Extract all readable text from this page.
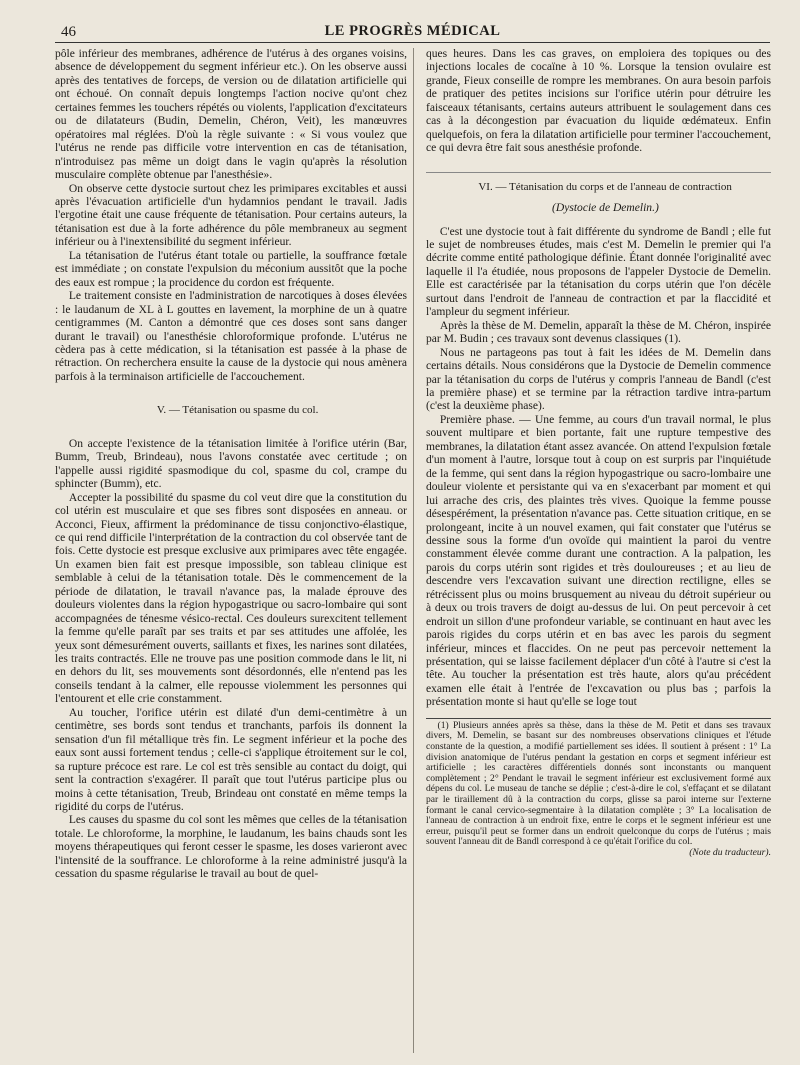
46	LE PROGRÈS MÉDICAL

pôle inférieur des membranes, adhérence de l'utérus à des organes voisins, absence de développement du segment inférieur etc.). On les observe aussi après des tentatives de forceps, de version ou de dilatation artificielle qui ont échoué. On connaît depuis longtemps l'action nocive qu'ont chez certaines femmes les touchers répétés ou violents, l'application d'excitateurs ou de dilatateurs (Budin, Demelin, Chéron, Veit), les manœuvres opératoires mal réglées. D'où la règle suivante : « Si vous voulez que l'utérus ne rende pas difficile votre intervention en cas de tétanisation, n'introduisez pas même un doigt dans le vagin qu'après la résolution musculaire complète obtenue par l'anesthésie».

On observe cette dystocie surtout chez les primipares excitables et aussi après l'évacuation artificielle d'un hydamnios pendant le travail. Jadis l'ergotine était une cause fréquente de tétanisation. Pour certains auteurs, la tétanisation est due à la forte adhérence du pôle membraneux au segment inférieur ou à l'inextensibilité du segment inférieur.

La tétanisation de l'utérus étant totale ou partielle, la souffrance fœtale est immédiate ; on constate l'expulsion du méconium aussitôt que la poche des eaux est rompue ; la procidence du cordon est fréquente.

Le traitement consiste en l'administration de narcotiques à doses élevées : le laudanum de XL à L gouttes en lavement, la morphine de un à quatre centigrammes (M. Canton a démontré que ces doses sont sans danger durant le travail) ou l'anesthésie chloroformique profonde. L'utérus ne cèdera pas à cette médication, si la tétanisation est passée à la phase de rétraction. On recherchera ensuite la cause de la dystocie qui nous amènera parfois à la terminaison artificielle de l'accouchement.

V. — Tétanisation ou spasme du col.

On accepte l'existence de la tétanisation limitée à l'orifice utérin (Bar, Bumm, Treub, Brindeau), nous l'avons constatée avec certitude ; on l'appelle aussi rigidité spasmodique du col, spasme du col, crampe du sphincter (Bumm), etc.

Accepter la possibilité du spasme du col veut dire que la constitution du col utérin est musculaire et que ses fibres sont disposées en anneau. or Acconci, Fieux, affirment la prédominance de tissu conjonctivo-élastique, ce qui rend difficile l'interprétation de la contraction du col observée tant de fois. Cette dystocie est presque exclusive aux primipares avec tête engagée. Un examen bien fait est presque impossible, son tableau clinique est semblable à celui de la tétanisation totale. Dès le commencement de la période de dilatation, le travail n'avance pas, la malade éprouve des douleurs violentes dans la région hypogastrique ou sacro-lombaire qui sont accompagnées de ténesme vésico-rectal. Ces douleurs surexcitent tellement la femme qu'elle paraît par ses traits et par ses attitudes une affolée, les yeux sont démesurément ouverts, saillants et fixes, les narines sont dilatées, les traits contractés. Elle ne trouve pas une position commode dans le lit, ni en dehors du lit, ses mouvements sont désordonnés, elle n'entend pas les conseils tendant à la calmer, elle repousse violemment les personnes qui l'entourent et elle crie constamment.

Au toucher, l'orifice utérin est dilaté d'un demi-centimètre à un centimètre, ses bords sont tendus et tranchants, parfois ils donnent la sensation d'un fil métallique très fin. Le segment inférieur et la poche des eaux sont aussi fortement tendus ; celle-ci s'applique étroitement sur le col, sa rupture précoce est rare. Le col est très sensible au contact du doigt, qui sent la contraction s'exagérer. Il paraît que tout l'utérus participe plus ou moins à cette tétanisation, Treub, Brindeau ont constaté en même temps la rigidité du corps de l'utérus.

Les causes du spasme du col sont les mêmes que celles de la tétanisation totale. Le chloroforme, la morphine, le laudanum, les bains chauds sont les moyens thérapeutiques qui feront cesser le spasme, les doses varieront avec l'intensité de la souffrance. Le chloroforme à la reine administré jusqu'à la cessation du spasme régularise le travail au bout de quel-

ques heures. Dans les cas graves, on emploiera des topiques ou des injections locales de cocaïne à 10 %. Lorsque la tension ovulaire est grande, Fieux conseille de rompre les membranes. On aura besoin parfois de pratiquer des petites incisions sur l'orifice utérin pour détruire les faisceaux tétanisants, certains auteurs attribuent le soulagement dans ces cas à la décongestion par évacuation du liquide œdémateux. Enfin quelquefois, on fera la dilatation artificielle pour terminer l'accouchement, ce qui devra être fait sous anesthésie profonde.

VI. — Tétanisation du corps et de l'anneau de contraction

(Dystocie de Demelin.)

C'est une dystocie tout à fait différente du syndrome de Bandl ; elle fut le sujet de nombreuses études, mais c'est M. Demelin le premier qui l'a décrite comme entité pathologique définie. Étant donnée l'originalité avec laquelle il l'a étudiée, nous proposons de l'appeler Dystocie de Demelin. Elle est caractérisée par la tétanisation du corps utérin que l'on décèle surtout dans l'endroit de l'anneau de contraction et par la flaccidité et l'ampleur du segment inférieur.

Après la thèse de M. Demelin, apparaît la thèse de M. Chéron, inspirée par M. Budin ; ces travaux sont devenus classiques (1).

Nous ne partageons pas tout à fait les idées de M. Demelin dans certains détails. Nous considérons que la Dystocie de Demelin commence par la tétanisation du corps de l'utérus y compris l'anneau de Bandl (c'est la première phase) et se termine par la rétraction tardive intra-partum (c'est la deuxième phase).

Première phase. — Une femme, au cours d'un travail normal, le plus souvent multipare et bien portante, fait une rupture tempestive des membranes, la dilatation étant assez avancée. On attend l'expulsion fœtale d'un moment à l'autre, lorsque tout à coup on est surpris par l'inquiétude de la femme, qui sent dans la région hypogastrique ou sacro-lombaire une douleur violente et persistante qui va en s'exacerbant par moment et qui lui arrache des cris, des plaintes très vives. Quoique la femme pousse désespérément, la présentation n'avance pas. Cette situation critique, en se prolongeant, incite à un nouvel examen, qui fait constater que l'utérus se dessine sous la forme d'un ovoïde qui maintient la paroi du ventre constamment élevée comme durant une contraction. A la palpation, les parois du corps utérin sont rigides et très douloureuses ; et au lieu de descendre vers l'excavation suivant une direction rectiligne, elles se rétrécissent plus ou moins brusquement au niveau du détroit supérieur ou à deux ou trois travers de doigt au-dessus de lui. On peut percevoir à cet endroit un sillon d'une profondeur variable, se continuant en haut avec les parois rigides du corps utérin et en bas avec les parois du segment inférieur, minces et flaccides. On ne peut pas percevoir nettement la présentation, qui se laisse facilement déplacer d'un côté à l'autre si c'est la tête. Au toucher la présentation est très haute, alors qu'au précédent examen elle était à l'entrée de l'excavation ou plus bas ; parfois la présentation monte si haut qu'elle se loge tout

(1) Plusieurs années après sa thèse, dans la thèse de M. Petit et dans ses travaux divers, M. Demelin, se basant sur des nombreuses observations cliniques et l'étude constante de la question, a modifié partiellement ses idées. Il soutient à présent : 1° La division anatomique de l'utérus pendant la gestation en corps et segment inférieur est artificielle ; les caractères différentiels donnés sont inconstants ou manquent complètement ; 2° Pendant le travail le segment inférieur est exclusivement formé aux dépens du col. Le museau de tanche se déplie ; c'est-à-dire le col, s'effaçant et se dilatant par le tiraillement dû à la contraction du corps, glisse sa paroi interne sur l'externe formant le canal cervico-segmentaire à la dilatation complète ; 3° La localisation de l'anneau de contraction à un endroit fixe, entre le corps et le segment inférieur est une erreur, puisqu'il peut se former dans un endroit quelconque du corps de l'utérus ; mais souvent l'anneau dit de Bandl correspond à ce qu'était l'orifice du col.

(Note du traducteur).
